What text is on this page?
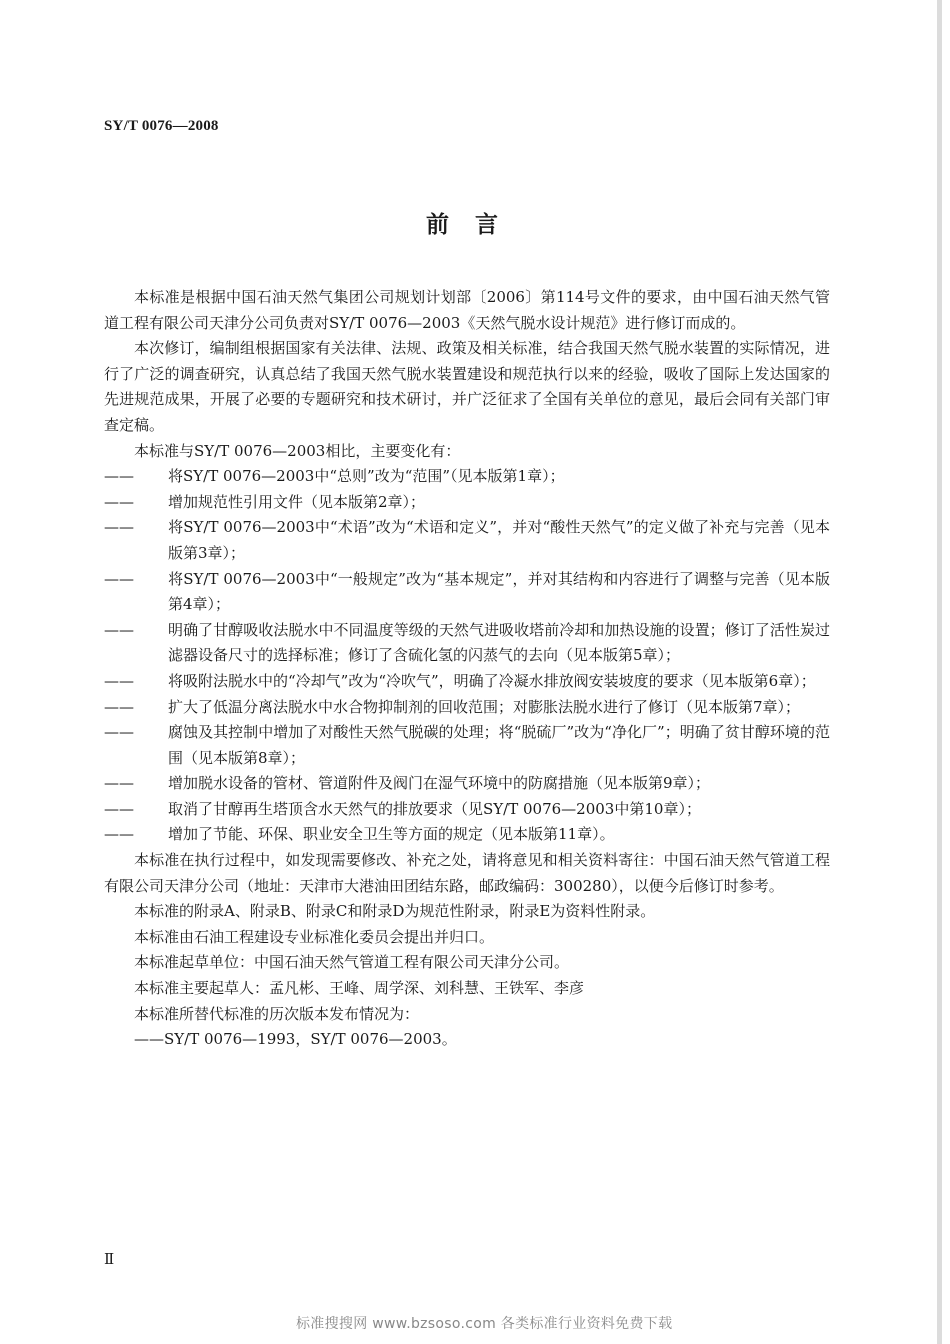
SY/T 0076—2008
前言

本标准是根据中国石油天然气集团公司规划计划部〔2006〕第114号文件的要求，由中国石油天然气管道工程有限公司天津分公司负责对SY/T 0076—2003《天然气脱水设计规范》进行修订而成的。

本次修订，编制组根据国家有关法律、法规、政策及相关标准，结合我国天然气脱水装置的实际情况，进行了广泛的调查研究，认真总结了我国天然气脱水装置建设和规范执行以来的经验，吸收了国际上发达国家的先进规范成果，开展了必要的专题研究和技术研讨，并广泛征求了全国有关单位的意见，最后会同有关部门审查定稿。

本标准与SY/T 0076—2003相比，主要变化有：

—— 将SY/T 0076—2003中“总则”改为“范围”（见本版第1章）；

—— 增加规范性引用文件（见本版第2章）；

—— 将SY/T 0076—2003中“术语”改为“术语和定义”，并对“酸性天然气”的定义做了补充与完善（见本版第3章）；

—— 将SY/T 0076—2003中“一般规定”改为“基本规定”，并对其结构和内容进行了调整与完善（见本版第4章）；

—— 明确了甘醇吸收法脱水中不同温度等级的天然气进吸收塔前冷却和加热设施的设置；修订了活性炭过滤器设备尺寸的选择标准；修订了含硫化氢的闪蒸气的去向（见本版第5章）；

—— 将吸附法脱水中的“冷却气”改为“冷吹气”，明确了冷凝水排放阀安装坡度的要求（见本版第6章）；

—— 扩大了低温分离法脱水中水合物抑制剂的回收范围；对膨胀法脱水进行了修订（见本版第7章）；

—— 腐蚀及其控制中增加了对酸性天然气脱碳的处理；将“脱硫厂”改为“净化厂”；明确了贫甘醇环境的范围（见本版第8章）；

—— 增加脱水设备的管材、管道附件及阀门在湿气环境中的防腐措施（见本版第9章）；

—— 取消了甘醇再生塔顶含水天然气的排放要求（见SY/T 0076—2003中第10章）；

—— 增加了节能、环保、职业安全卫生等方面的规定（见本版第11章）。

本标准在执行过程中，如发现需要修改、补充之处，请将意见和相关资料寄往：中国石油天然气管道工程有限公司天津分公司（地址：天津市大港油田团结东路，邮政编码：300280），以便今后修订时参考。

本标准的附录A、附录B、附录C和附录D为规范性附录，附录E为资料性附录。

本标准由石油工程建设专业标准化委员会提出并归口。

本标准起草单位：中国石油天然气管道工程有限公司天津分公司。

本标准主要起草人：孟凡彬、王峰、周学深、刘科慧、王铁军、李彦

本标准所替代标准的历次版本发布情况为：

——SY/T 0076—1993，SY/T 0076—2003。

Ⅱ
标准搜搜网 www.bzsoso.com 各类标准行业资料免费下载
